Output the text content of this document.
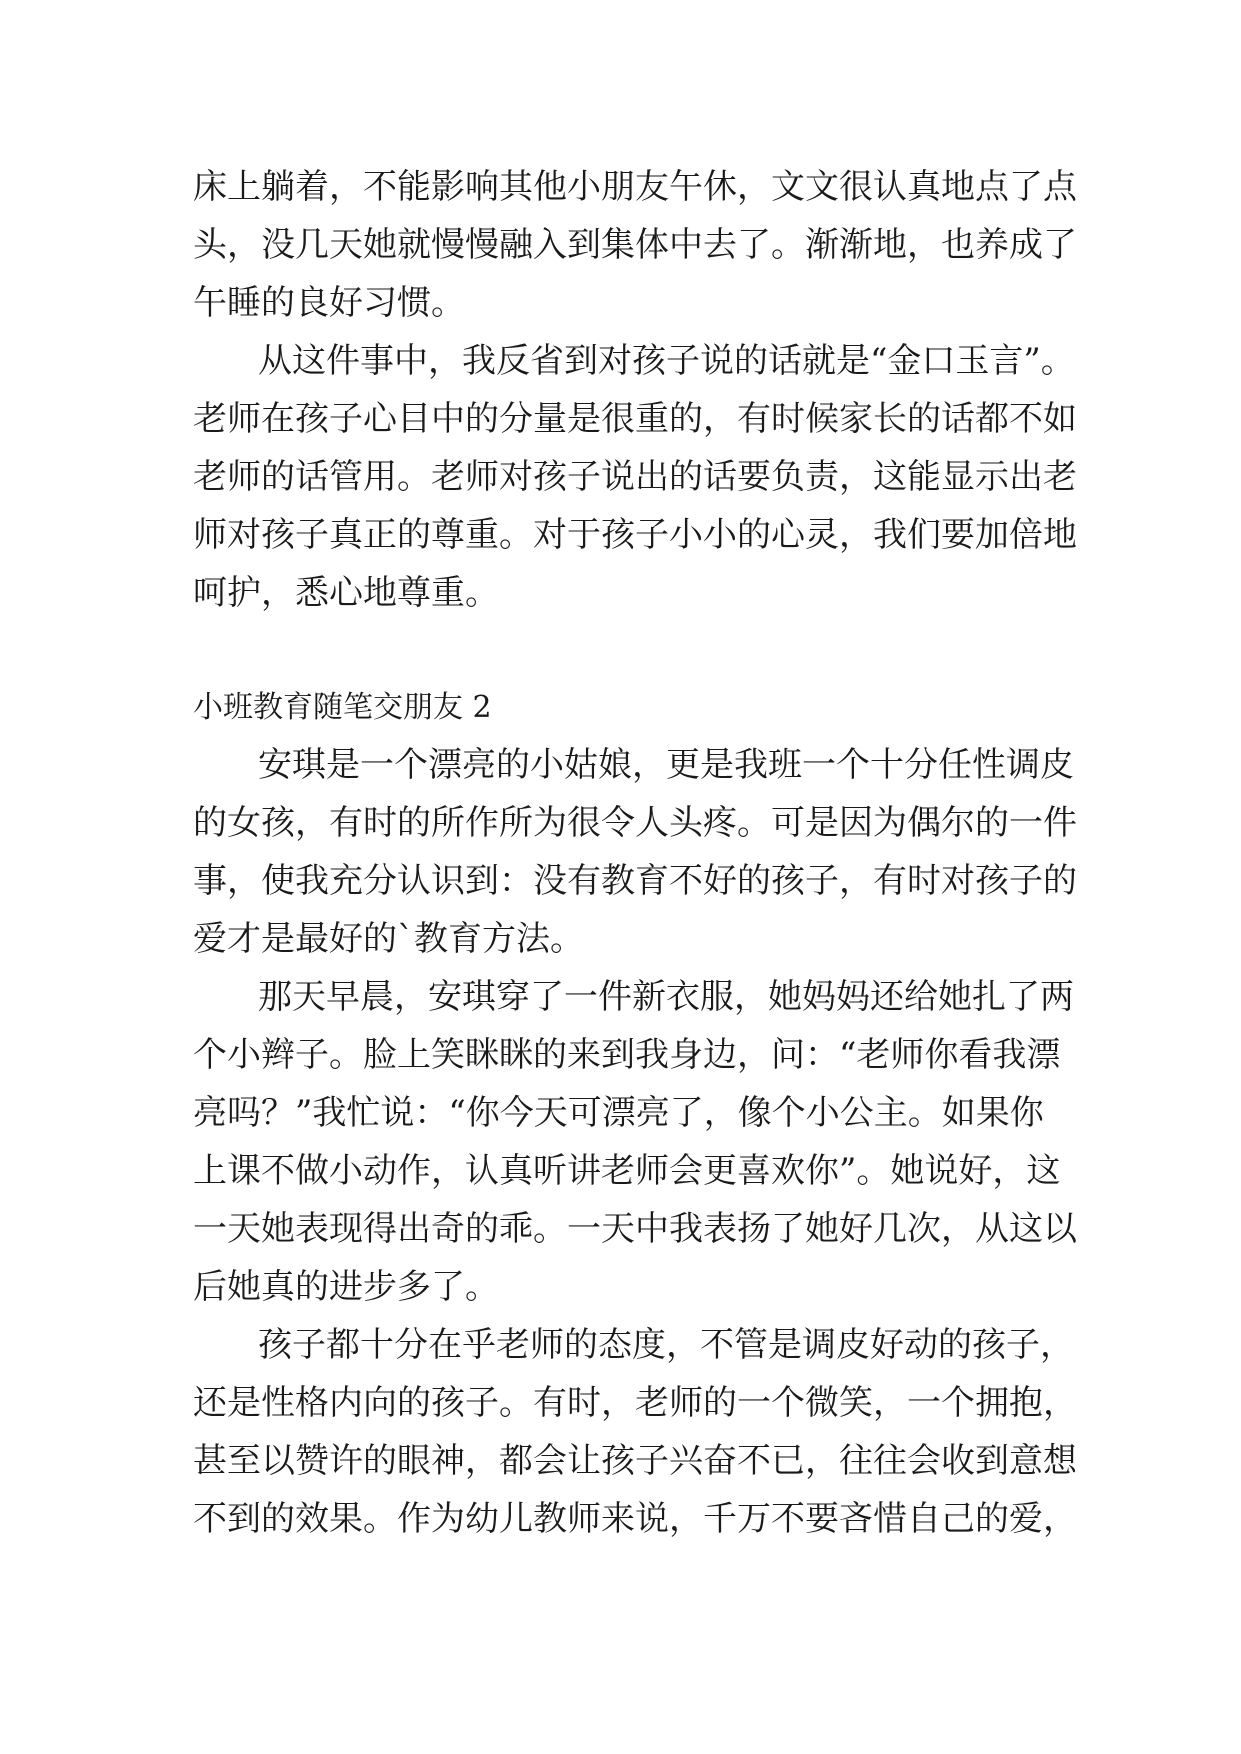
床上躺着，不能影响其他小朋友午休，文文很认真地点了点
头，没几天她就慢慢融入到集体中去了。渐渐地，也养成了
午睡的良好习惯。
从这件事中，我反省到对孩子说的话就是“金口玉言”。
老师在孩子心目中的分量是很重的，有时候家长的话都不如
老师的话管用。老师对孩子说出的话要负责，这能显示出老
师对孩子真正的尊重。对于孩子小小的心灵，我们要加倍地
呵护，悉心地尊重。
小班教育随笔交朋友 2
安琪是一个漂亮的小姑娘，更是我班一个十分任性调皮
的女孩，有时的所作所为很令人头疼。可是因为偶尔的一件
事，使我充分认识到：没有教育不好的孩子，有时对孩子的
爱才是最好的`教育方法。
那天早晨，安琪穿了一件新衣服，她妈妈还给她扎了两
个小辫子。脸上笑眯眯的来到我身边，问：“老师你看我漂
亮吗？”我忙说：“你今天可漂亮了，像个小公主。如果你
上课不做小动作，认真听讲老师会更喜欢你”。她说好，这
一天她表现得出奇的乖。一天中我表扬了她好几次，从这以
后她真的进步多了。
孩子都十分在乎老师的态度，不管是调皮好动的孩子，
还是性格内向的孩子。有时，老师的一个微笑，一个拥抱，
甚至以赞许的眼神，都会让孩子兴奋不已，往往会收到意想
不到的效果。作为幼儿教师来说，千万不要吝惜自己的爱，
